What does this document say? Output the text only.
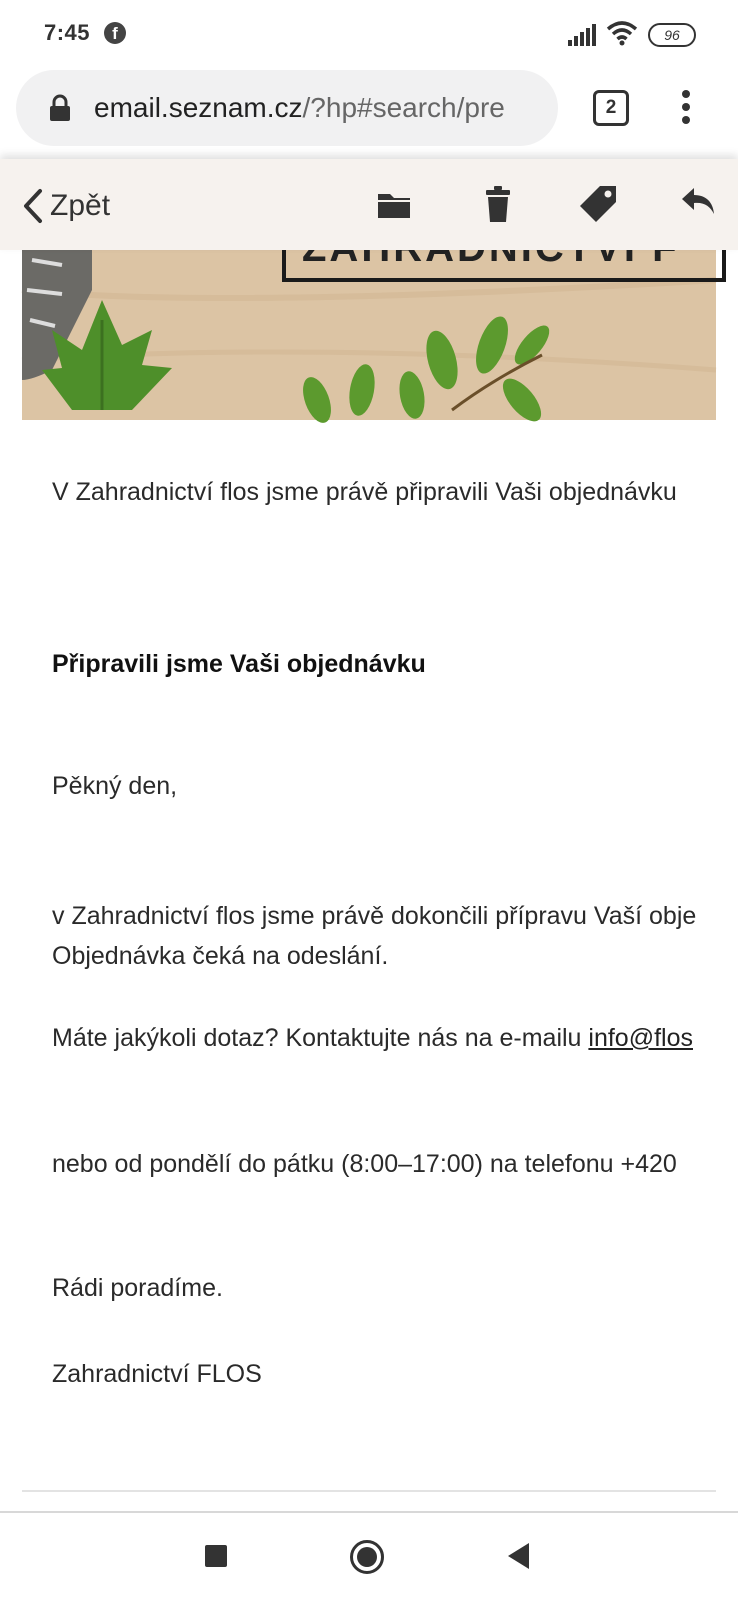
7:45	f	96
email.seznam.cz/?hp#search/pre	2
Zpět
V Zahradnictví flos jsme právě připravili Vaši objednávku
Připravili jsme Vaši objednávku
Pěkný den,
v Zahradnictví flos jsme právě dokončili přípravu Vaší obje
Objednávka čeká na odeslání.
Máte jakýkoli dotaz? Kontaktujte nás na e-mailu info@flos
nebo od pondělí do pátku (8:00–17:00) na telefonu +420
Rádi poradíme.
Zahradnictví FLOS
